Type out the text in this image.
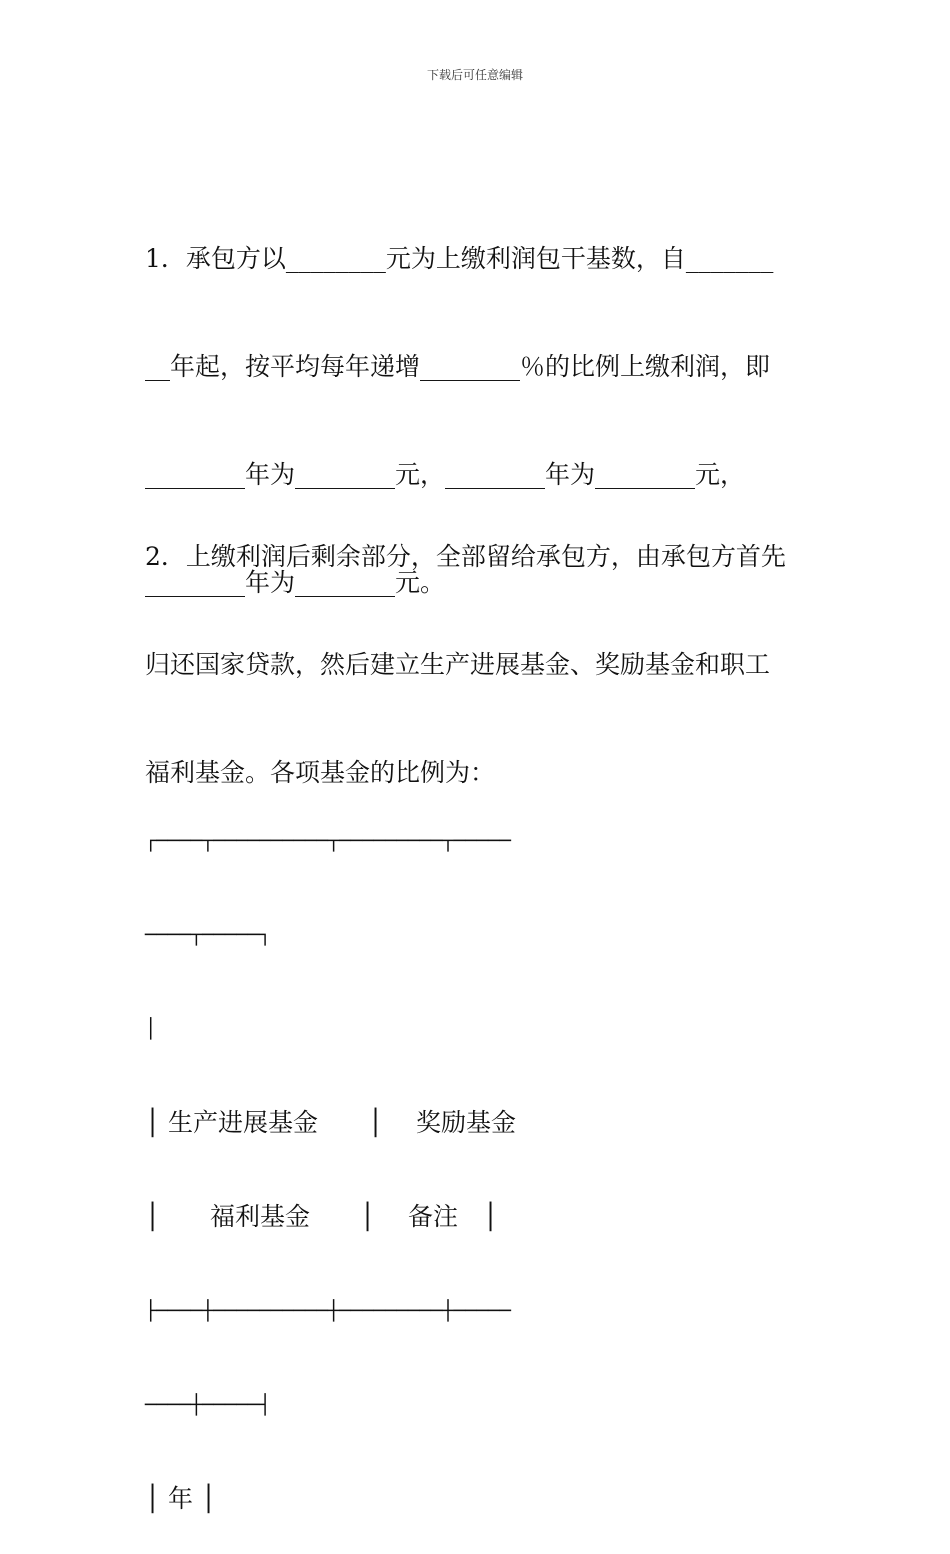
下载后可任意编辑

1．承包方以________元为上缴利润包干基数，自_______

__年起，按平均每年递增________％的比例上缴利润，即

________年为________元，________年为________元，

________年为________元。

2．上缴利润后剩余部分，全部留给承包方，由承包方首先

归还国家贷款，然后建立生产进展基金、奖励基金和职工

福利基金。各项基金的比例为：

┌────┬──────────┬─────────┬─────

────┬─────┐

│

│ 生产进展基金　　│　 奖励基金

│　　福利基金　　│　 备注　│

├────┼──────────┼─────────┼─────

────┼─────┤

│ 年 │
